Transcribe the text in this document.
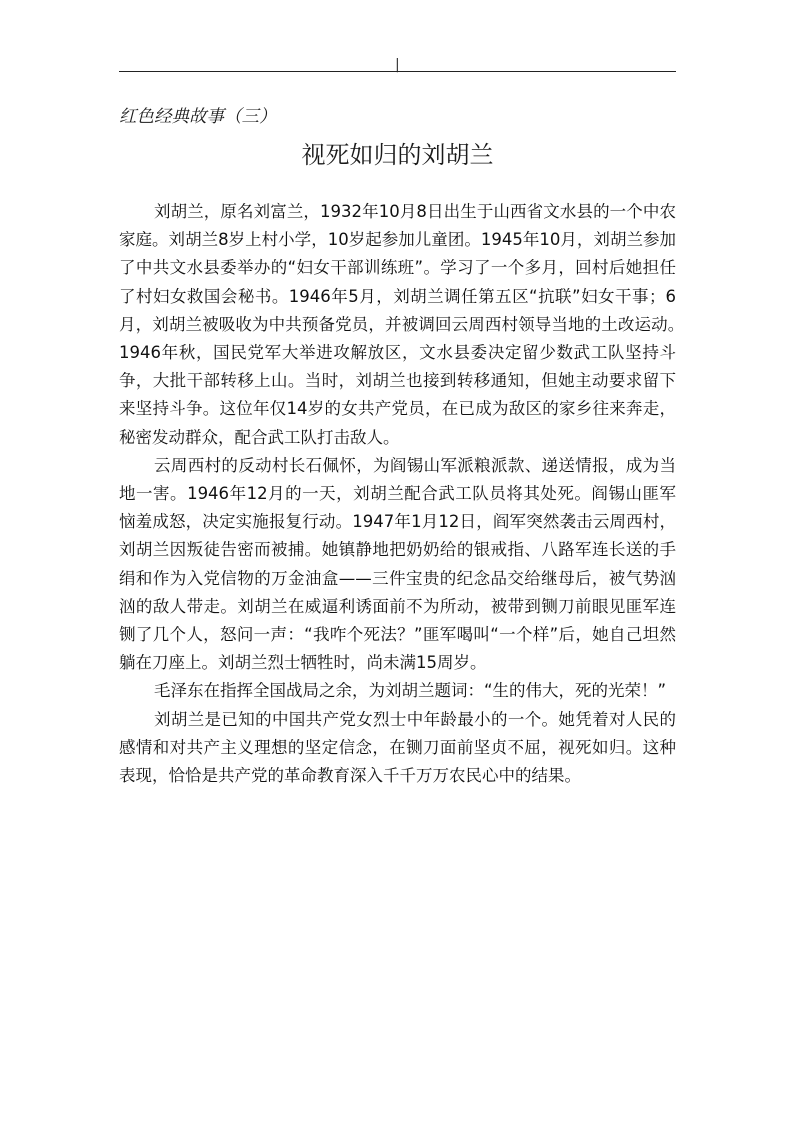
|
红色经典故事（三）
视死如归的刘胡兰

刘胡兰，原名刘富兰，1932年10月8日出生于山西省文水县的一个中农家庭。刘胡兰8岁上村小学，10岁起参加儿童团。1945年10月，刘胡兰参加了中共文水县委举办的“妇女干部训练班”。学习了一个多月，回村后她担任了村妇女救国会秘书。1946年5月，刘胡兰调任第五区“抗联”妇女干事；6月，刘胡兰被吸收为中共预备党员，并被调回云周西村领导当地的土改运动。　　1946年秋，国民党军大举进攻解放区，文水县委决定留少数武工队坚持斗争，大批干部转移上山。当时，刘胡兰也接到转移通知，但她主动要求留下来坚持斗争。这位年仅14岁的女共产党员，在已成为敌区的家乡往来奔走，秘密发动群众，配合武工队打击敌人。

云周西村的反动村长石佩怀，为阎锡山军派粮派款、递送情报，成为当地一害。1946年12月的一天，刘胡兰配合武工队员将其处死。阎锡山匪军恼羞成怒，决定实施报复行动。1947年1月12日，阎军突然袭击云周西村，刘胡兰因叛徒告密而被捕。她镇静地把奶奶给的银戒指、八路军连长送的手绢和作为入党信物的万金油盒——三件宝贵的纪念品交给继母后，被气势汹汹的敌人带走。刘胡兰在威逼利诱面前不为所动，被带到铡刀前眼见匪军连铡了几个人，怒问一声：“我咋个死法？”匪军喝叫“一个样”后，她自己坦然躺在刀座上。刘胡兰烈士牺牲时，尚未满15周岁。

毛泽东在指挥全国战局之余，为刘胡兰题词：“生的伟大，死的光荣！”

刘胡兰是已知的中国共产党女烈士中年龄最小的一个。她凭着对人民的感情和对共产主义理想的坚定信念，在铡刀面前坚贞不屈，视死如归。这种表现，恰恰是共产党的革命教育深入千千万万农民心中的结果。
